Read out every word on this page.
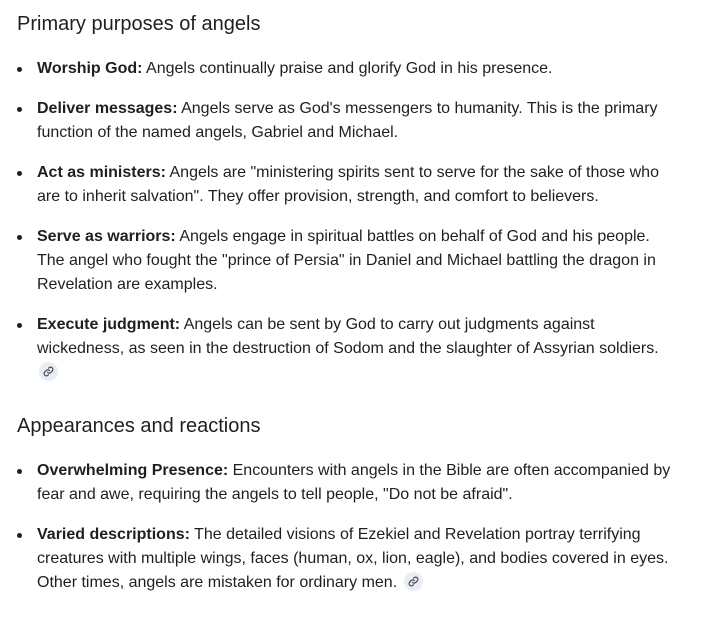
Primary purposes of angels
Worship God: Angels continually praise and glorify God in his presence.
Deliver messages: Angels serve as God's messengers to humanity. This is the primary function of the named angels, Gabriel and Michael.
Act as ministers: Angels are "ministering spirits sent to serve for the sake of those who are to inherit salvation". They offer provision, strength, and comfort to believers.
Serve as warriors: Angels engage in spiritual battles on behalf of God and his people. The angel who fought the "prince of Persia" in Daniel and Michael battling the dragon in Revelation are examples.
Execute judgment: Angels can be sent by God to carry out judgments against wickedness, as seen in the destruction of Sodom and the slaughter of Assyrian soldiers.
Appearances and reactions
Overwhelming Presence: Encounters with angels in the Bible are often accompanied by fear and awe, requiring the angels to tell people, "Do not be afraid".
Varied descriptions: The detailed visions of Ezekiel and Revelation portray terrifying creatures with multiple wings, faces (human, ox, lion, eagle), and bodies covered in eyes. Other times, angels are mistaken for ordinary men.
